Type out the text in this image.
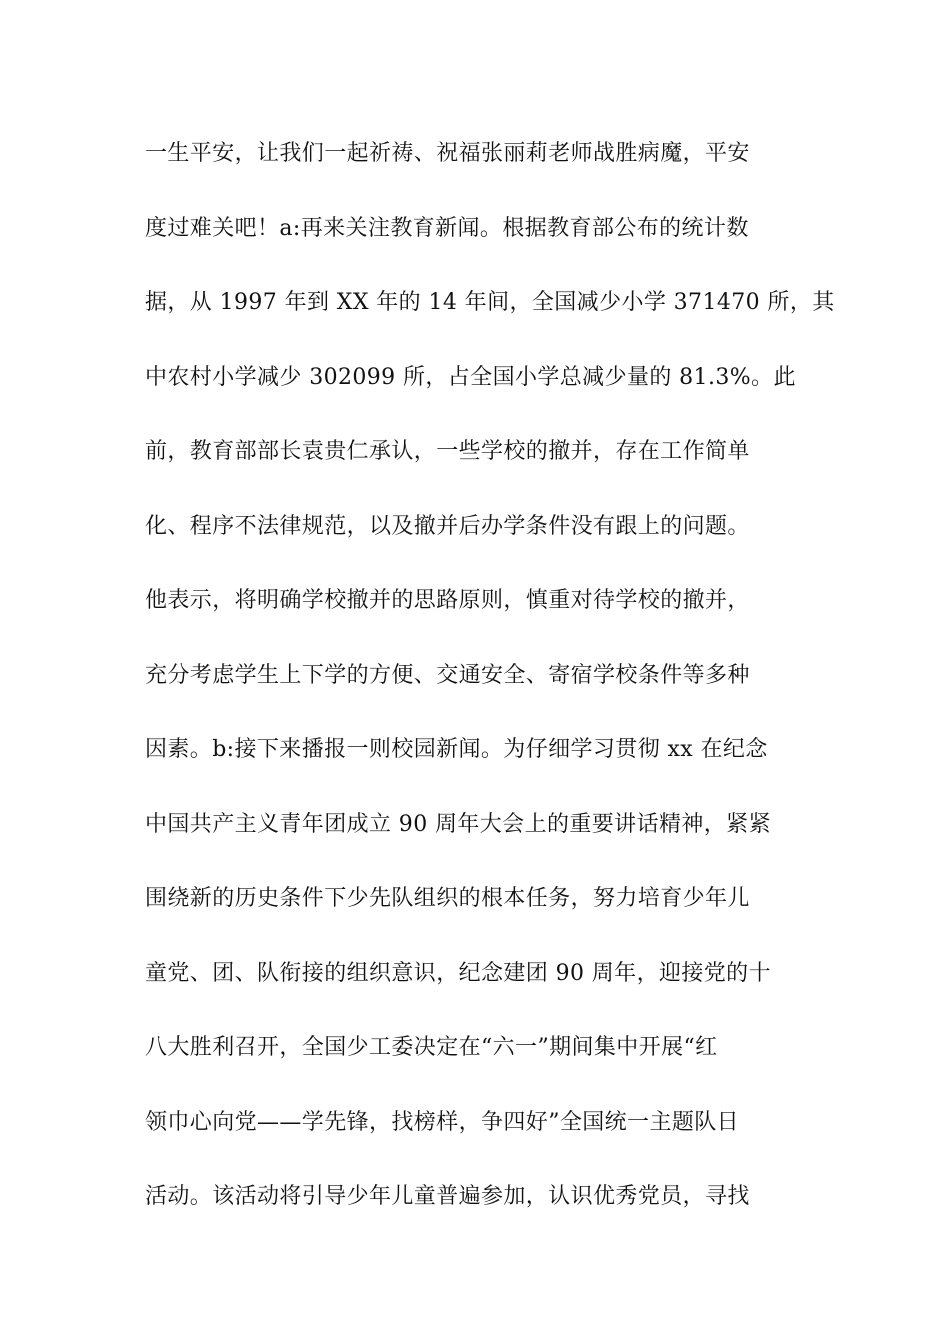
一生平安，让我们一起祈祷、祝福张丽莉老师战胜病魔，平安
度过难关吧！a:再来关注教育新闻。根据教育部公布的统计数
据，从 1997 年到 XX 年的 14 年间，全国减少小学 371470 所，其
中农村小学减少 302099 所，占全国小学总减少量的 81.3%。此
前，教育部部长袁贵仁承认，一些学校的撤并，存在工作简单
化、程序不法律规范，以及撤并后办学条件没有跟上的问题。
他表示，将明确学校撤并的思路原则，慎重对待学校的撤并，
充分考虑学生上下学的方便、交通安全、寄宿学校条件等多种
因素。b:接下来播报一则校园新闻。为仔细学习贯彻 xx 在纪念
中国共产主义青年团成立 90 周年大会上的重要讲话精神，紧紧
围绕新的历史条件下少先队组织的根本任务，努力培育少年儿
童党、团、队衔接的组织意识，纪念建团 90 周年，迎接党的十
八大胜利召开，全国少工委决定在“六一”期间集中开展“红
领巾心向党——学先锋，找榜样，争四好”全国统一主题队日
活动。该活动将引导少年儿童普遍参加，认识优秀党员，寻找
